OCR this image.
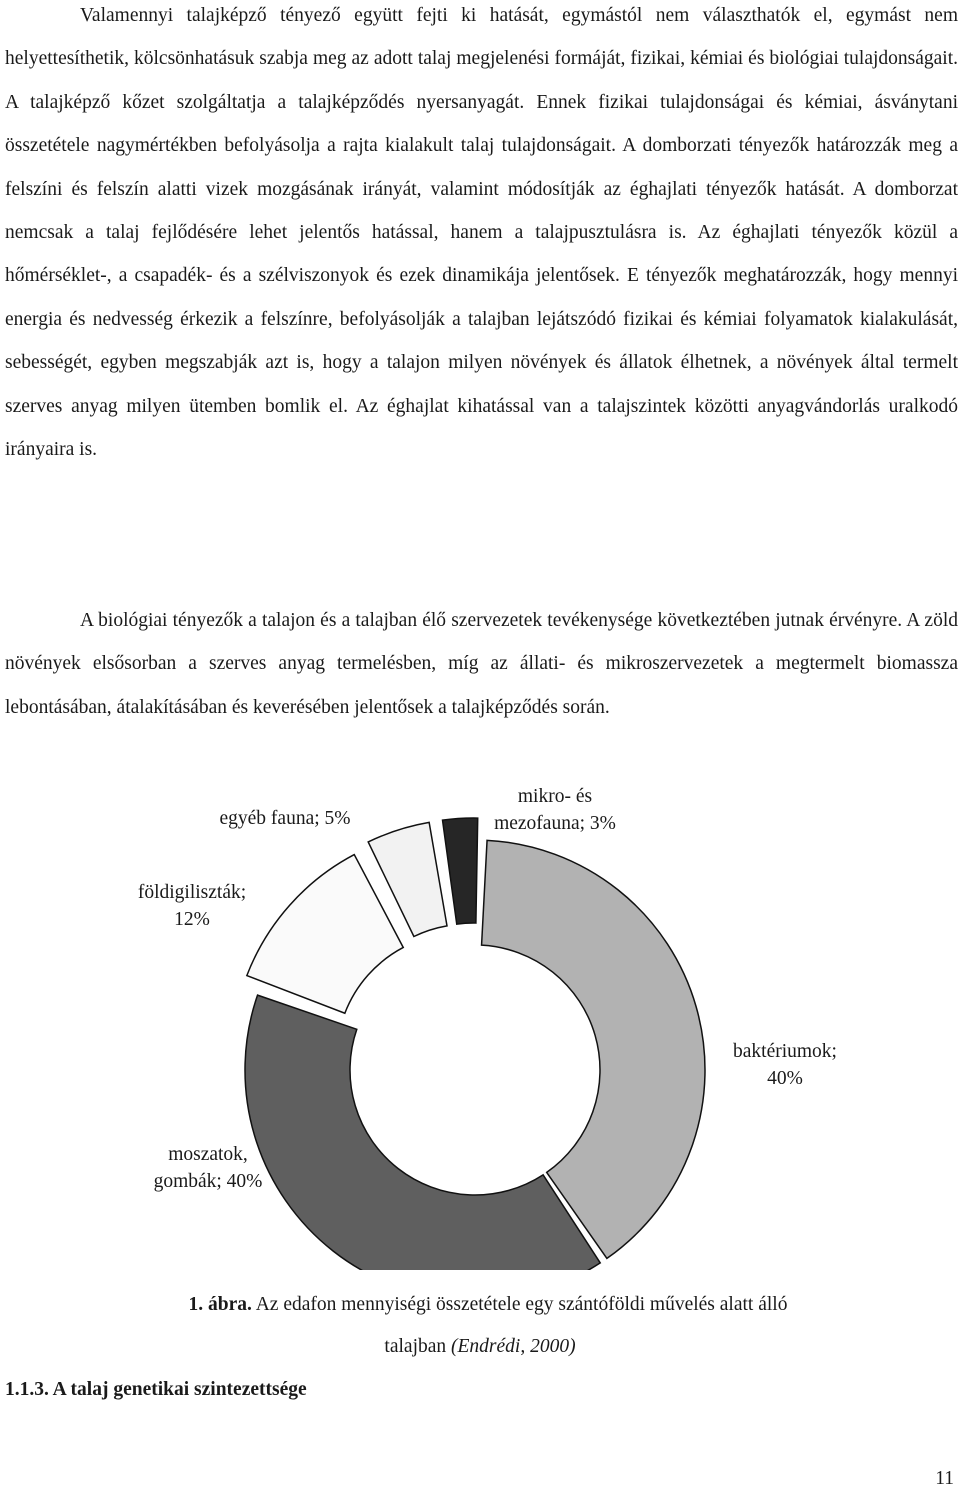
Valamennyi talajképző tényező együtt fejti ki hatását, egymástól nem választhatók el, egymást nem helyettesíthetik, kölcsönhatásuk szabja meg az adott talaj megjelenési formáját, fizikai, kémiai és biológiai tulajdonságait. A talajképző kőzet szolgáltatja a talajképződés nyersanyagát. Ennek fizikai tulajdonságai és kémiai, ásványtani összetétele nagymértékben befolyásolja a rajta kialakult talaj tulajdonságait. A domborzati tényezők határozzák meg a felszíni és felszín alatti vizek mozgásának irányát, valamint módosítják az éghajlati tényezők hatását. A domborzat nemcsak a talaj fejlődésére lehet jelentős hatással, hanem a talajpusztulásra is. Az éghajlati tényezők közül a hőmérséklet-, a csapadék- és a szélviszonyok és ezek dinamikája jelentősek. E tényezők meghatározzák, hogy mennyi energia és nedvesség érkezik a felszínre, befolyásolják a talajban lejátszódó fizikai és kémiai folyamatok kialakulását, sebességét, egyben megszabják azt is, hogy a talajon milyen növények és állatok élhetnek, a növények által termelt szerves anyag milyen ütemben bomlik el. Az éghajlat kihatással van a talajszintek közötti anyagvándorlás uralkodó irányaira is.

A biológiai tényezők a talajon és a talajban élő szervezetek tevékenysége következtében jutnak érvényre. A zöld növények elsősorban a szerves anyag termelésben, míg az állati- és mikroszervezetek a megtermelt biomassza lebontásában, átalakításában és keverésében jelentősek a talajképződés során.

baktériumok; 40%
moszatok, gombák; 40%
földigiliszták; 12%
egyéb fauna; 5%
mikro- és mezofauna; 3%
1. ábra. Az edafon mennyiségi összetétele egy szántóföldi művelés alatt álló
talajban (Endrédi, 2000)
1.1.3. A talaj genetikai szintezettsége
11
